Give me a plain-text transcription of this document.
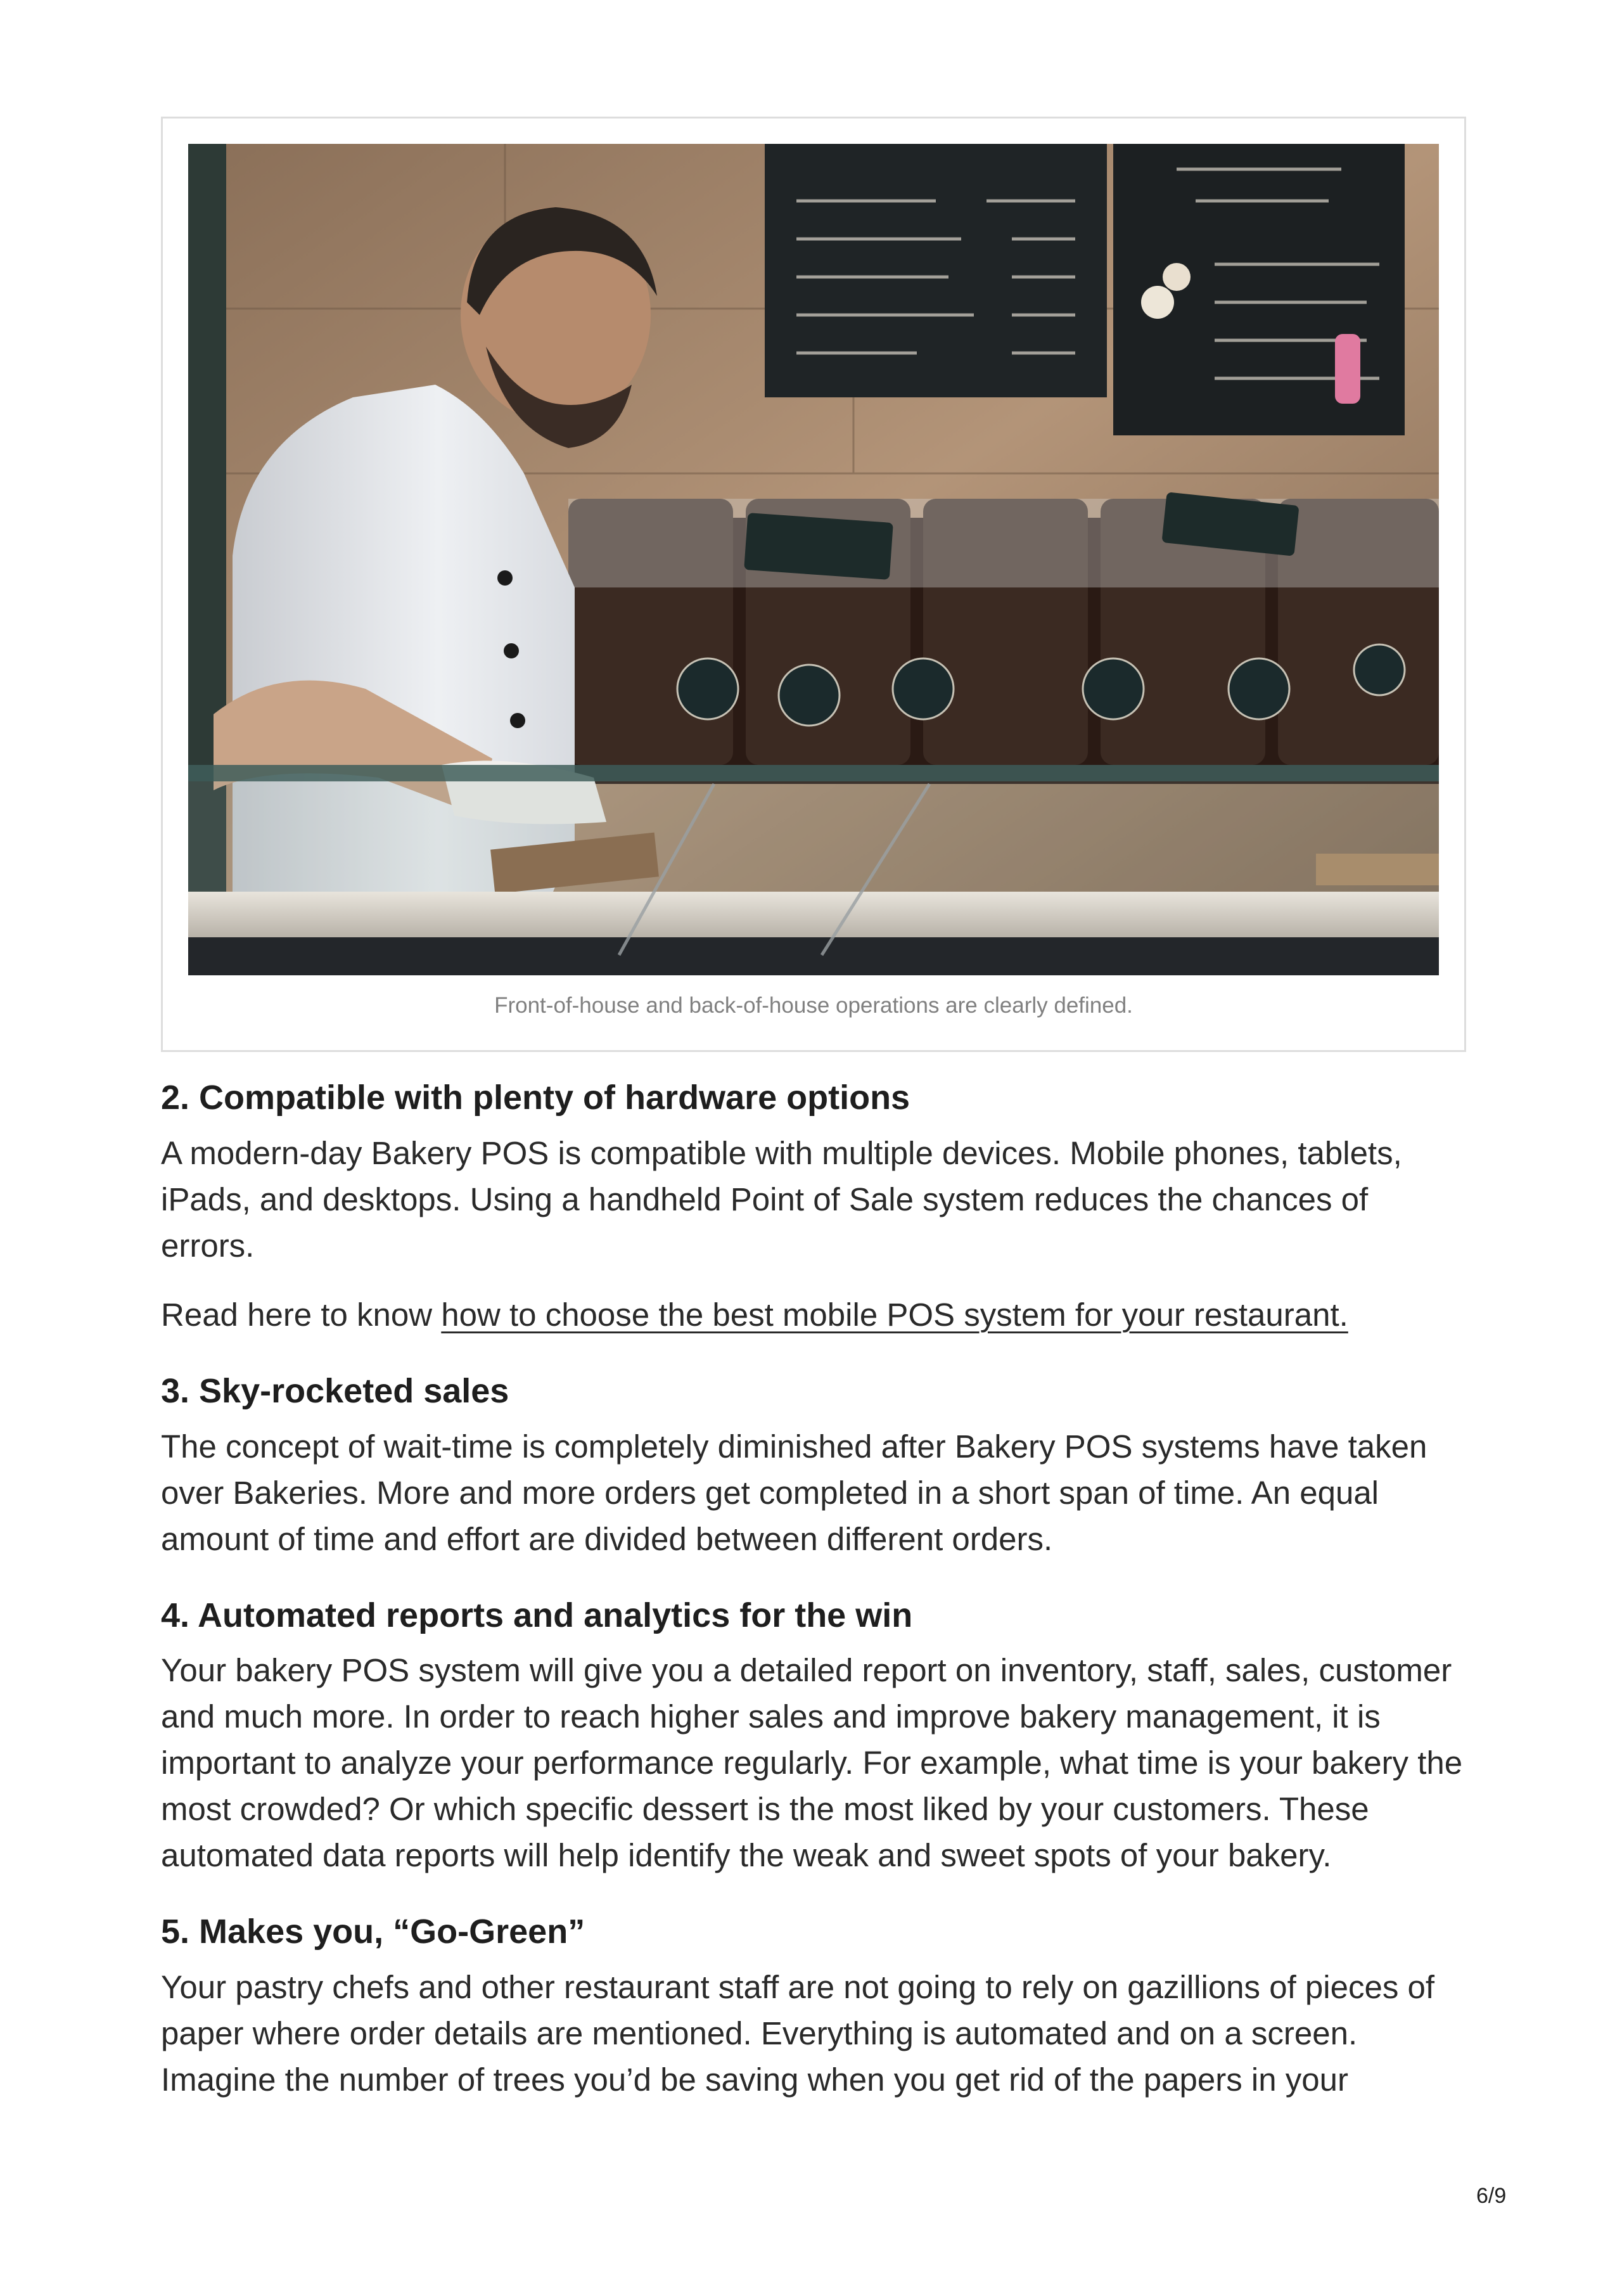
Front-of-house and back-of-house operations are clearly defined.
2. Compatible with plenty of hardware options

A modern-day Bakery POS is compatible with multiple devices. Mobile phones, tablets, iPads, and desktops. Using a handheld Point of Sale system reduces the chances of errors.

Read here to know how to choose the best mobile POS system for your restaurant.

3. Sky-rocketed sales

The concept of wait-time is completely diminished after Bakery POS systems have taken over Bakeries. More and more orders get completed in a short span of time. An equal amount of time and effort are divided between different orders.

4. Automated reports and analytics for the win

Your bakery POS system will give you a detailed report on inventory, staff, sales, customer and much more. In order to reach higher sales and improve bakery management, it is important to analyze your performance regularly. For example, what time is your bakery the most crowded? Or which specific dessert is the most liked by your customers. These automated data reports will help identify the weak and sweet spots of your bakery.

5. Makes you, “Go-Green”

Your pastry chefs and other restaurant staff are not going to rely on gazillions of pieces of paper where order details are mentioned. Everything is automated and on a screen. Imagine the number of trees you’d be saving when you get rid of the papers in your

6/9
